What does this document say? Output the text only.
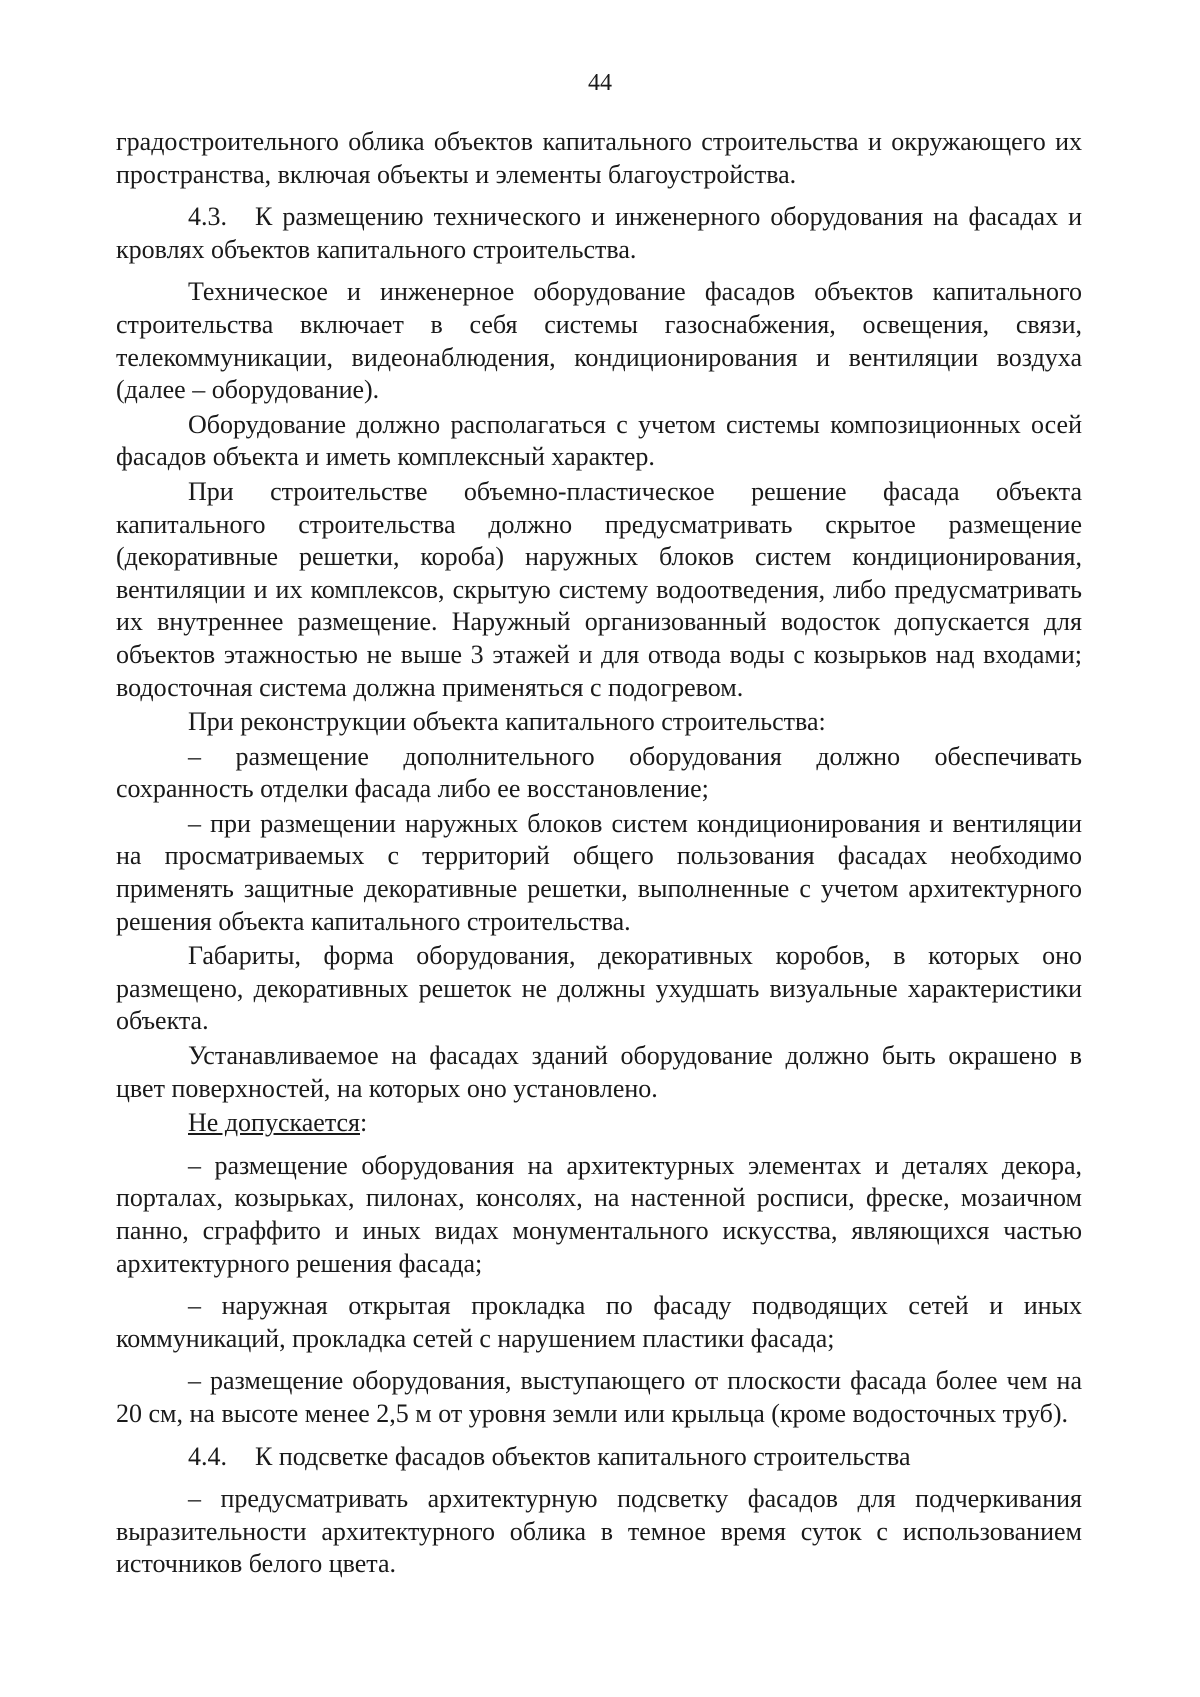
44

градостроительного облика объектов капитального строительства и окружающего их пространства, включая объекты и элементы благоустройства.

4.3. К размещению технического и инженерного оборудования на фасадах и кровлях объектов капитального строительства.

Техническое и инженерное оборудование фасадов объектов капитального строительства включает в себя системы газоснабжения, освещения, связи, телекоммуникации, видеонаблюдения, кондиционирования и вентиляции воздуха (далее – оборудование).

Оборудование должно располагаться с учетом системы композиционных осей фасадов объекта и иметь комплексный характер.

При строительстве объемно-пластическое решение фасада объекта капитального строительства должно предусматривать скрытое размещение (декоративные решетки, короба) наружных блоков систем кондиционирования, вентиляции и их комплексов, скрытую систему водоотведения, либо предусматривать их внутреннее размещение. Наружный организованный водосток допускается для объектов этажностью не выше 3 этажей и для отвода воды с козырьков над входами; водосточная система должна применяться с подогревом.

При реконструкции объекта капитального строительства:

– размещение дополнительного оборудования должно обеспечивать сохранность отделки фасада либо ее восстановление;

– при размещении наружных блоков систем кондиционирования и вентиляции на просматриваемых с территорий общего пользования фасадах необходимо применять защитные декоративные решетки, выполненные с учетом архитектурного решения объекта капитального строительства.

Габариты, форма оборудования, декоративных коробов, в которых оно размещено, декоративных решеток не должны ухудшать визуальные характеристики объекта.

Устанавливаемое на фасадах зданий оборудование должно быть окрашено в цвет поверхностей, на которых оно установлено.

Не допускается:

– размещение оборудования на архитектурных элементах и деталях декора, порталах, козырьках, пилонах, консолях, на настенной росписи, фреске, мозаичном панно, сграффито и иных видах монументального искусства, являющихся частью архитектурного решения фасада;

– наружная открытая прокладка по фасаду подводящих сетей и иных коммуникаций, прокладка сетей с нарушением пластики фасада;

– размещение оборудования, выступающего от плоскости фасада более чем на 20 см, на высоте менее 2,5 м от уровня земли или крыльца (кроме водосточных труб).

4.4. К подсветке фасадов объектов капитального строительства

– предусматривать архитектурную подсветку фасадов для подчеркивания выразительности архитектурного облика в темное время суток с использованием источников белого цвета.
